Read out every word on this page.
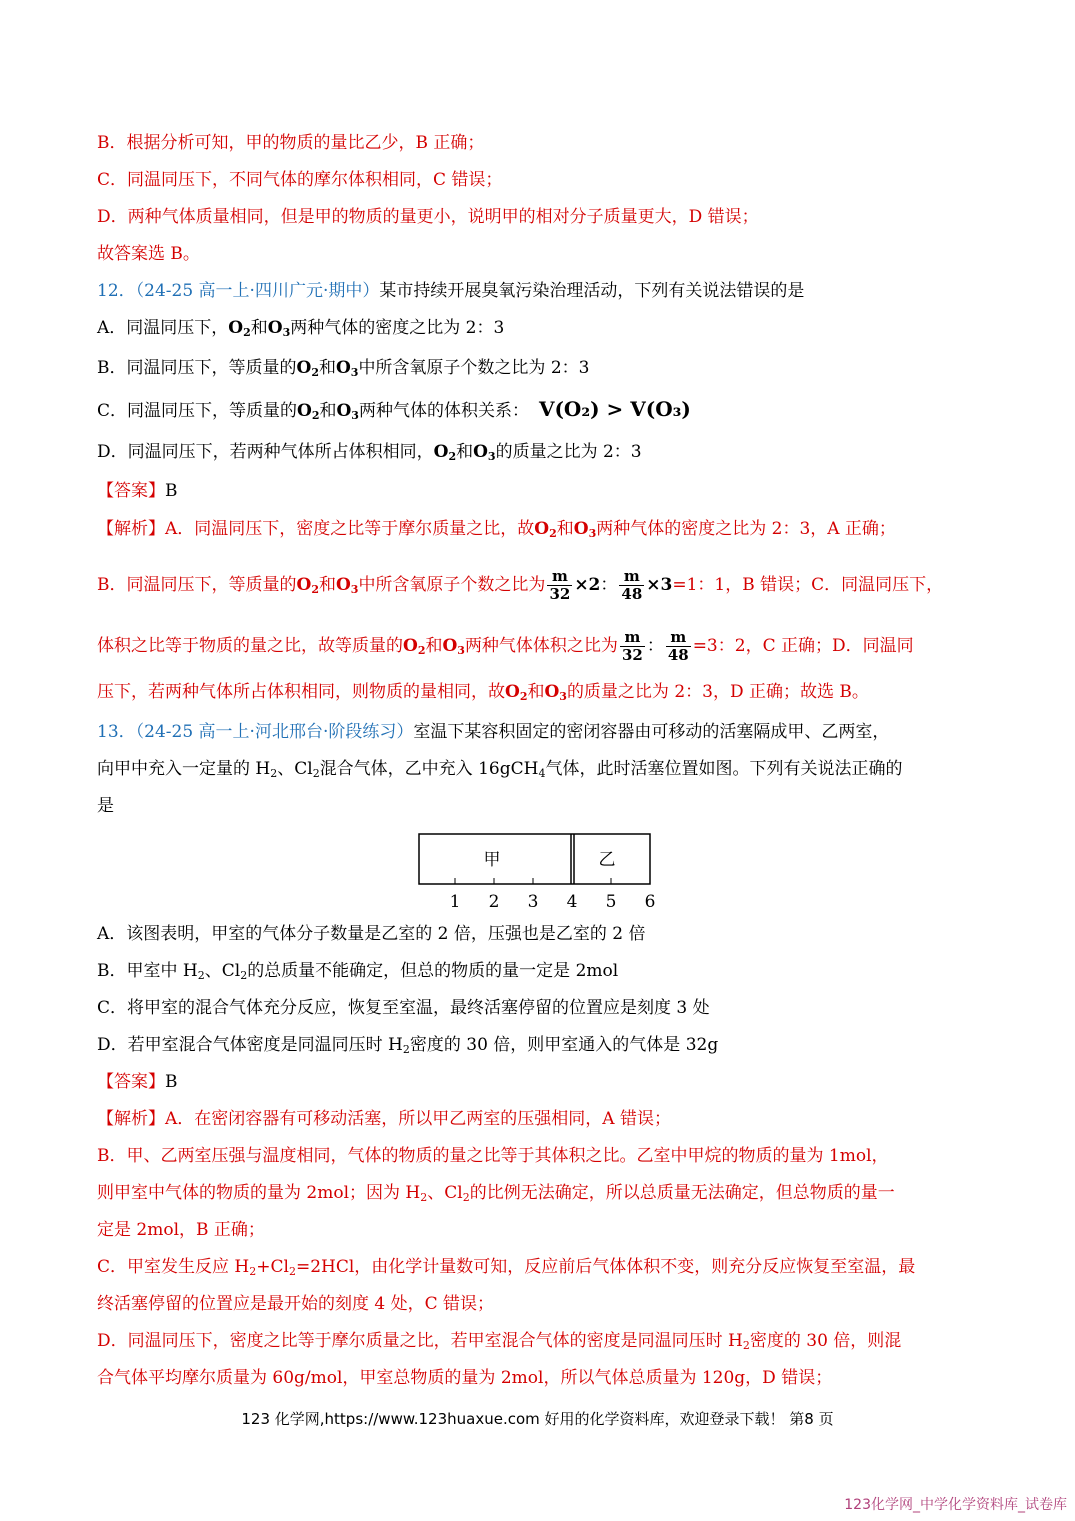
B．根据分析可知，甲的物质的量比乙少，B 正确；
C．同温同压下，不同气体的摩尔体积相同，C 错误；
D．两种气体质量相同，但是甲的物质的量更小，说明甲的相对分子质量更大，D 错误；
故答案选 B。
12．（24-25 高一上·四川广元·期中）某市持续开展臭氧污染治理活动，下列有关说法错误的是
A．同温同压下，$O_2$和$O_3$两种气体的密度之比为 2：3
B．同温同压下，等质量的$O_2$和$O_3$中所含氧原子个数之比为 2：3
C．同温同压下，等质量的$O_2$和$O_3$两种气体的体积关系： V(O₂) > V(O₃)
D．同温同压下，若两种气体所占体积相同，$O_2$和$O_3$的质量之比为 2：3
【答案】B
【解析】A．同温同压下，密度之比等于摩尔质量之比，故$O_2$和$O_3$两种气体的密度之比为 2：3，A 正确；
B．同温同压下，等质量的$O_2$和$O_3$中所含氧原子个数之比为 $\frac{m}{32} \times 2$： $\frac{m}{48} \times 3=1$：1，B 错误；C．同温同压下，
体积之比等于物质的量之比，故等质量的$O_2$和$O_3$两种气体体积之比为 $\frac{m}{32}$ ： $\frac{m}{48} =3$：2，C 正确；D．同温同
压下，若两种气体所占体积相同，则物质的量相同，故$O_2$和$O_3$的质量之比为 2：3，D 正确；故选 B。
13．（24-25 高一上·河北邢台·阶段练习）室温下某容积固定的密闭容器由可移动的活塞隔成甲、乙两室，
向甲中充入一定量的 $H_2$、$Cl_2$混合气体，乙中充入 16gCH$_4$气体，此时活塞位置如图。下列有关说法正确的
是
甲	乙
1 2 3 4 5 6
A．该图表明，甲室的气体分子数量是乙室的 2 倍，压强也是乙室的 2 倍
B．甲室中 $H_2$、$Cl_2$的总质量不能确定，但总的物质的量一定是 2mol
C．将甲室的混合气体充分反应，恢复至室温，最终活塞停留的位置应是刻度 3 处
D．若甲室混合气体密度是同温同压时 $H_2$密度的 30 倍，则甲室通入的气体是 32g
【答案】B
【解析】A．在密闭容器有可移动活塞，所以甲乙两室的压强相同，A 错误；
B．甲、乙两室压强与温度相同，气体的物质的量之比等于其体积之比。乙室中甲烷的物质的量为 1mol，
则甲室中气体的物质的量为 2mol；因为 $H_2$、$Cl_2$的比例无法确定，所以总质量无法确定，但总物质的量一
定是 2mol，B 正确；
C．甲室发生反应 $H_2+Cl_2=2HCl$，由化学计量数可知，反应前后气体体积不变，则充分反应恢复至室温，最
终活塞停留的位置应是最开始的刻度 4 处，C 错误；
D．同温同压下，密度之比等于摩尔质量之比，若甲室混合气体的密度是同温同压时 $H_2$密度的 30 倍，则混
合气体平均摩尔质量为 60g/mol，甲室总物质的量为 2mol，所以气体总质量为 120g，D 错误；
123 化学网,https://www.123huaxue.com 好用的化学资料库，欢迎登录下载！ 第8 页
123化学网_中学化学资料库_试卷库
